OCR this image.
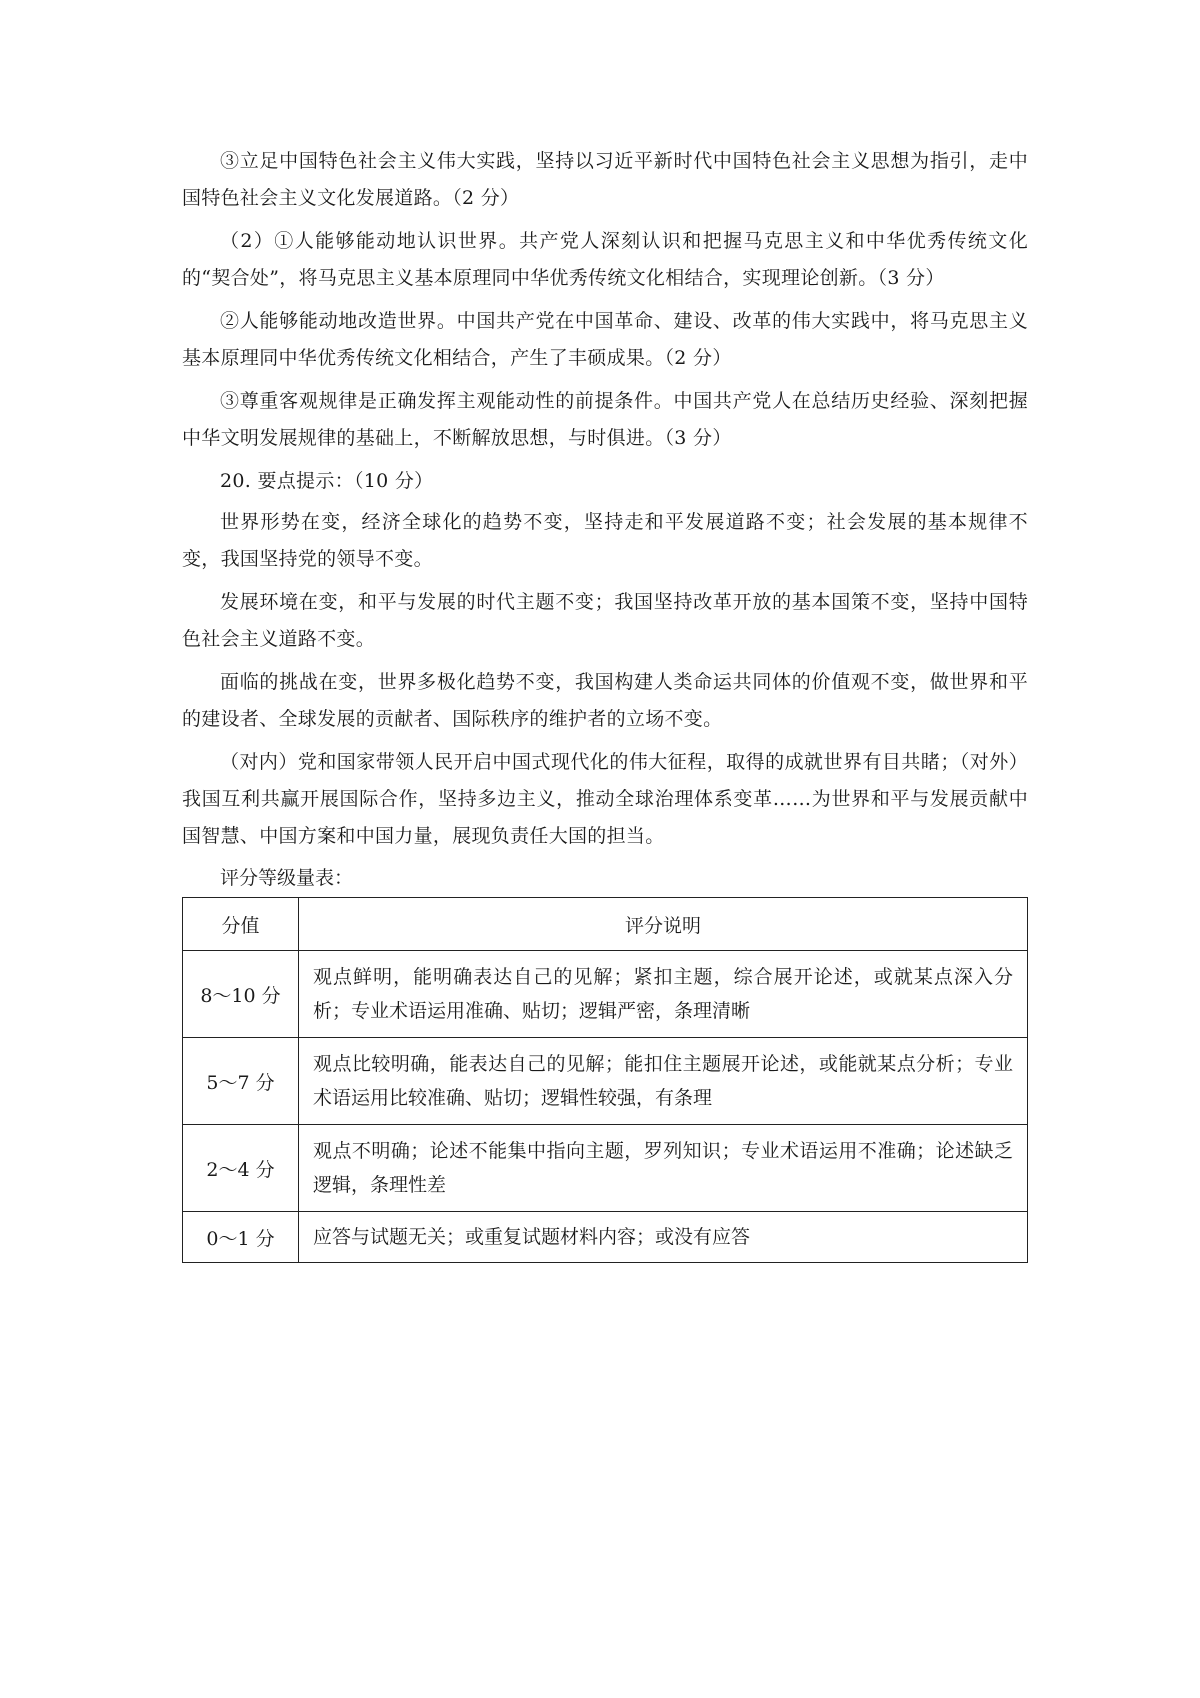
③立足中国特色社会主义伟大实践，坚持以习近平新时代中国特色社会主义思想为指引，走中国特色社会主义文化发展道路。（2 分）

（2）①人能够能动地认识世界。共产党人深刻认识和把握马克思主义和中华优秀传统文化的“契合处”，将马克思主义基本原理同中华优秀传统文化相结合，实现理论创新。（3 分）

②人能够能动地改造世界。中国共产党在中国革命、建设、改革的伟大实践中，将马克思主义基本原理同中华优秀传统文化相结合，产生了丰硕成果。（2 分）

③尊重客观规律是正确发挥主观能动性的前提条件。中国共产党人在总结历史经验、深刻把握中华文明发展规律的基础上，不断解放思想，与时俱进。（3 分）

20. 要点提示：（10 分）

世界形势在变，经济全球化的趋势不变，坚持走和平发展道路不变；社会发展的基本规律不变，我国坚持党的领导不变。

发展环境在变，和平与发展的时代主题不变；我国坚持改革开放的基本国策不变，坚持中国特色社会主义道路不变。

面临的挑战在变，世界多极化趋势不变，我国构建人类命运共同体的价值观不变，做世界和平的建设者、全球发展的贡献者、国际秩序的维护者的立场不变。

（对内）党和国家带领人民开启中国式现代化的伟大征程，取得的成就世界有目共睹；（对外）我国互利共赢开展国际合作，坚持多边主义，推动全球治理体系变革……为世界和平与发展贡献中国智慧、中国方案和中国力量，展现负责任大国的担当。

评分等级量表：

分值	评分说明
8～10 分	观点鲜明，能明确表达自己的见解；紧扣主题，综合展开论述，或就某点深入分析；专业术语运用准确、贴切；逻辑严密，条理清晰
5～7 分	观点比较明确，能表达自己的见解；能扣住主题展开论述，或能就某点分析；专业术语运用比较准确、贴切；逻辑性较强，有条理
2～4 分	观点不明确；论述不能集中指向主题，罗列知识；专业术语运用不准确；论述缺乏逻辑，条理性差
0～1 分	应答与试题无关；或重复试题材料内容；或没有应答
